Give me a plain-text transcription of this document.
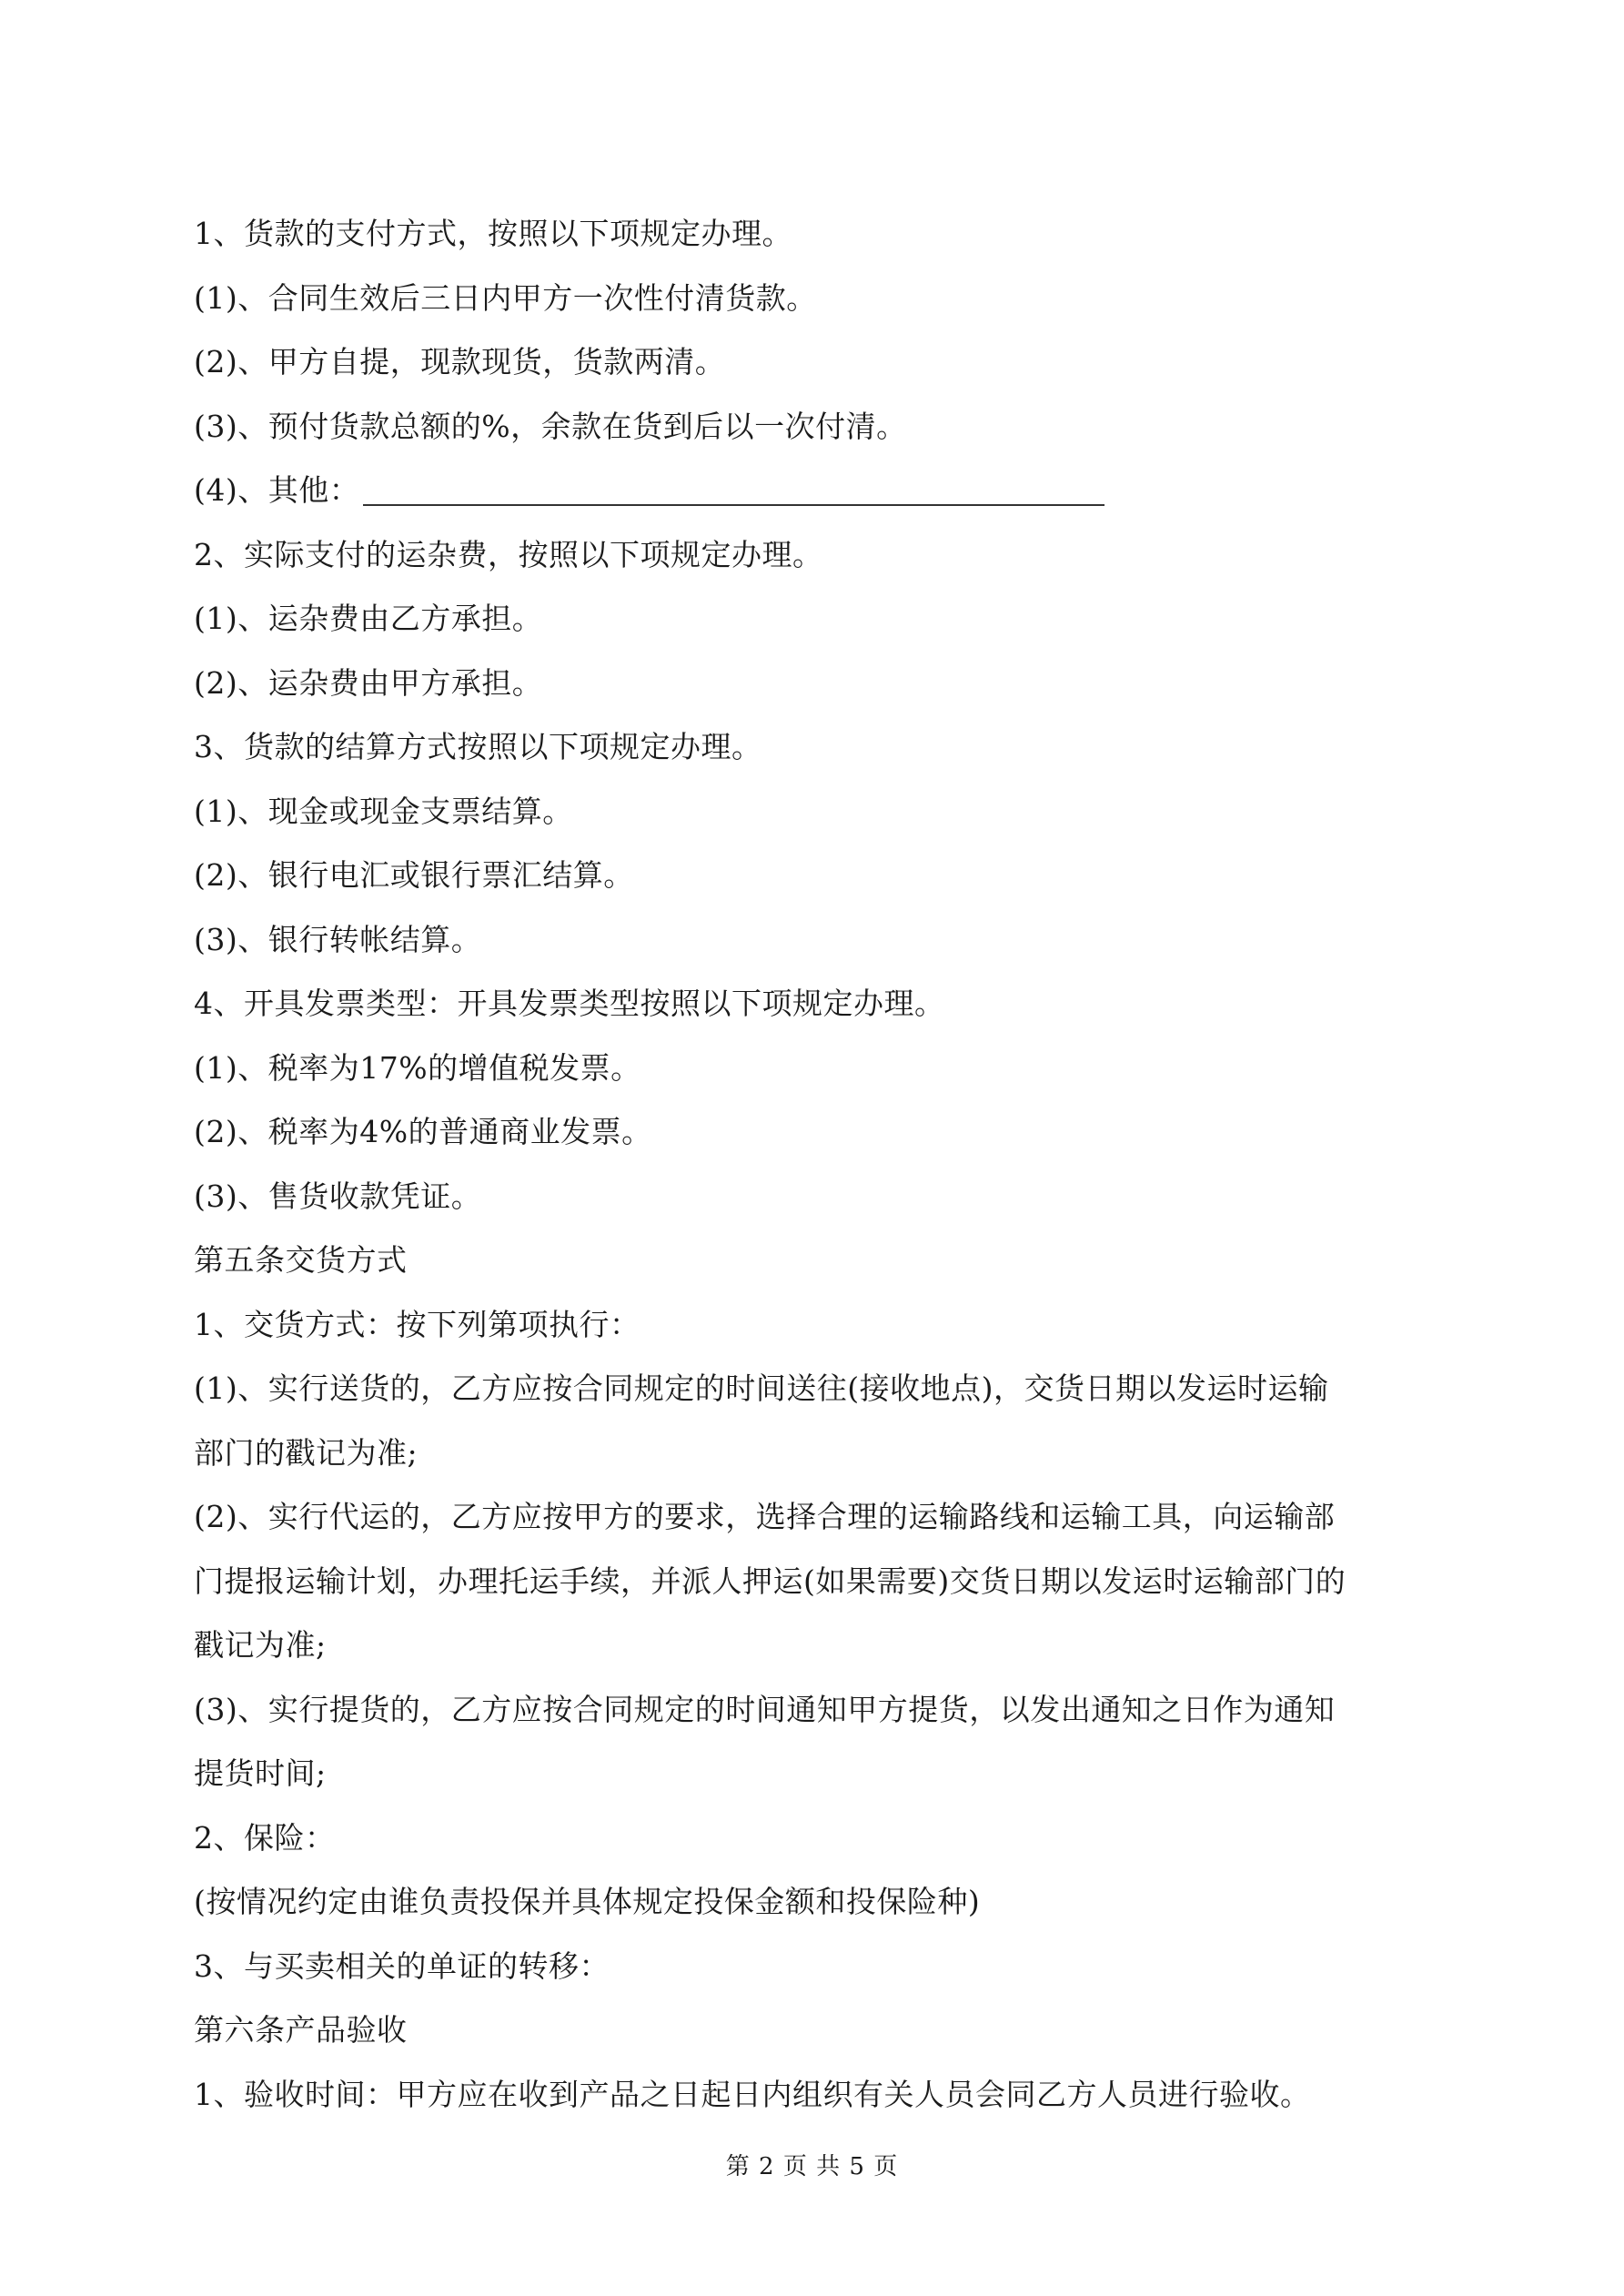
1、货款的支付方式，按照以下项规定办理。
(1)、合同生效后三日内甲方一次性付清货款。
(2)、甲方自提，现款现货，货款两清。
(3)、预付货款总额的%，余款在货到后以一次付清。
(4)、其他：
2、实际支付的运杂费，按照以下项规定办理。
(1)、运杂费由乙方承担。
(2)、运杂费由甲方承担。
3、货款的结算方式按照以下项规定办理。
(1)、现金或现金支票结算。
(2)、银行电汇或银行票汇结算。
(3)、银行转帐结算。
4、开具发票类型：开具发票类型按照以下项规定办理。
(1)、税率为17%的增值税发票。
(2)、税率为4%的普通商业发票。
(3)、售货收款凭证。
第五条交货方式
1、交货方式：按下列第项执行：
(1)、实行送货的，乙方应按合同规定的时间送往(接收地点)，交货日期以发运时运输
部门的戳记为准;
(2)、实行代运的，乙方应按甲方的要求，选择合理的运输路线和运输工具，向运输部
门提报运输计划，办理托运手续，并派人押运(如果需要)交货日期以发运时运输部门的
戳记为准;
(3)、实行提货的，乙方应按合同规定的时间通知甲方提货，以发出通知之日作为通知
提货时间;
2、保险：
(按情况约定由谁负责投保并具体规定投保金额和投保险种)
3、与买卖相关的单证的转移：
第六条产品验收
1、验收时间：甲方应在收到产品之日起日内组织有关人员会同乙方人员进行验收。
第 2 页 共 5 页
